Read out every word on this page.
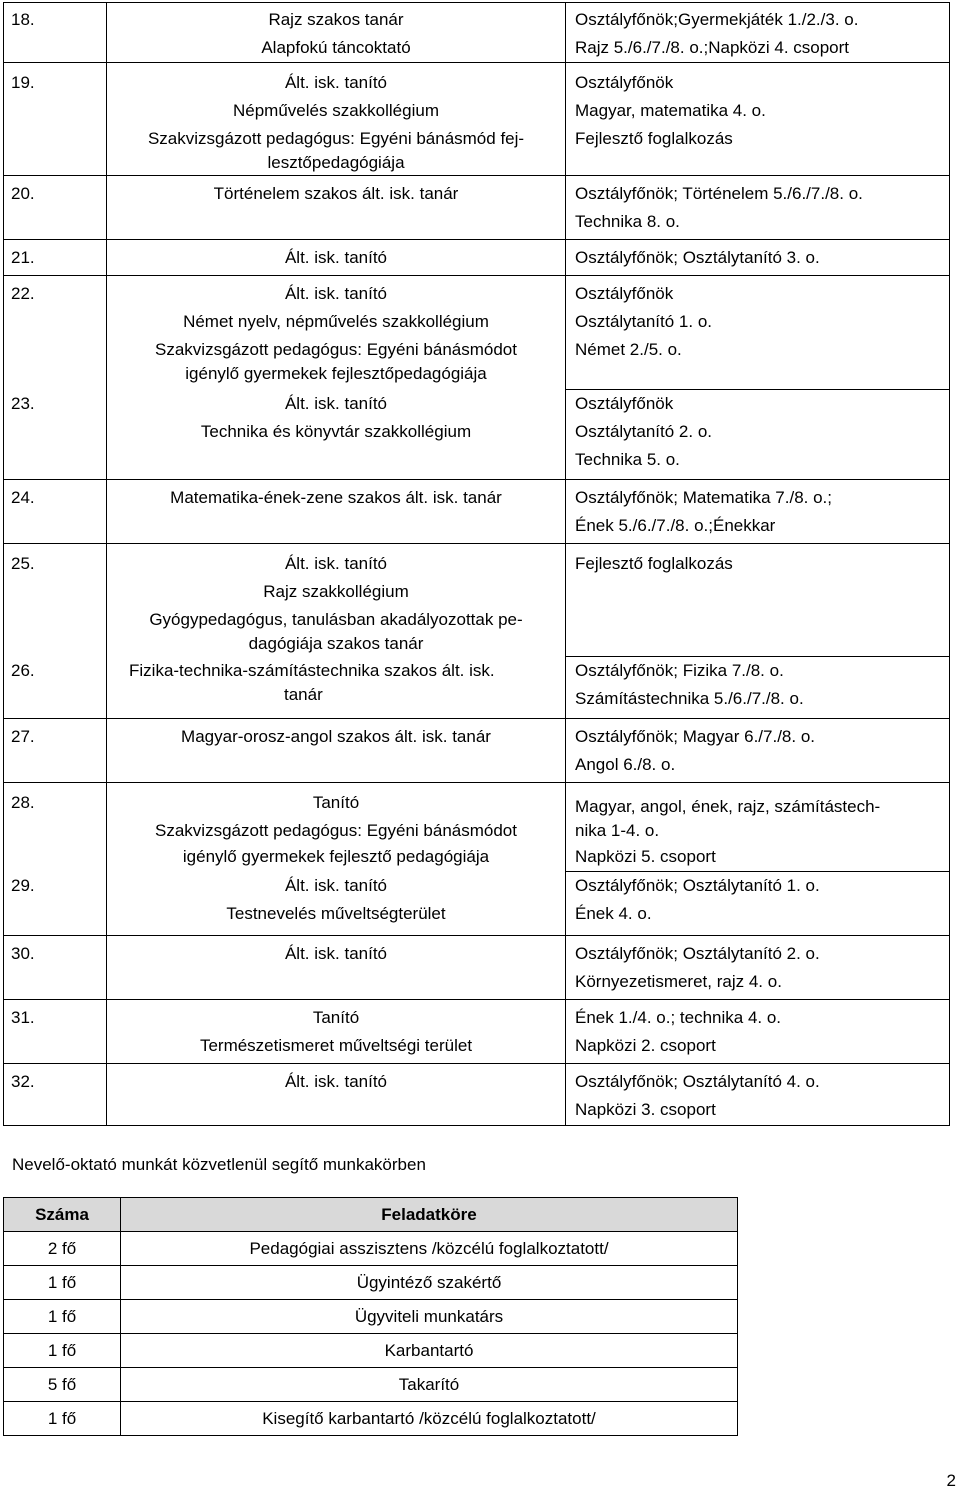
18.	Rajz szakos tanár
Alapfokú táncoktató	Osztályfőnök;Gyermekjáték 1./2./3. o.
Rajz 5./6./7./8. o.;Napközi 4. csoport

19.	Ált. isk. tanító
Népművelés szakkollégium
Szakvizsgázott pedagógus: Egyéni bánásmód fej-
lesztőpedagógiája	Osztályfőnök
Magyar, matematika 4. o.
Fejlesztő foglalkozás

20.	Történelem szakos ált. isk. tanár	Osztályfőnök; Történelem 5./6./7./8. o.
Technika 8. o.

21.	Ált. isk. tanító	Osztályfőnök; Osztálytanító 3. o.

22.	Ált. isk. tanító
Német nyelv, népművelés szakkollégium
Szakvizsgázott pedagógus: Egyéni bánásmódot
igénylő gyermekek fejlesztőpedagógiája	Osztályfőnök
Osztálytanító 1. o.
Német 2./5. o.

23.	Ált. isk. tanító
Technika és könyvtár szakkollégium	Osztályfőnök
Osztálytanító 2. o.
Technika 5. o.

24.	Matematika-ének-zene szakos ált. isk. tanár	Osztályfőnök; Matematika 7./8. o.;
Ének 5./6./7./8. o.;Énekkar

25.	Ált. isk. tanító
Rajz szakkollégium
Gyógypedagógus, tanulásban akadályozottak pe-
dagógiája szakos tanár	Fejlesztő foglalkozás

26.	Fizika-technika-számítástechnika szakos ált. isk.
tanár	Osztályfőnök; Fizika 7./8. o.
Számítástechnika 5./6./7./8. o.

27.	Magyar-orosz-angol szakos ált. isk. tanár	Osztályfőnök; Magyar 6./7./8. o.
Angol 6./8. o.

28.	Tanító
Szakvizsgázott pedagógus: Egyéni bánásmódot
igénylő gyermekek fejlesztő pedagógiája	Magyar, angol, ének, rajz, számítástech-
nika 1-4. o.
Napközi 5. csoport

29.	Ált. isk. tanító
Testnevelés műveltségterület	Osztályfőnök; Osztálytanító 1. o.
Ének 4. o.

30.	Ált. isk. tanító	Osztályfőnök; Osztálytanító 2. o.
Környezetismeret, rajz 4. o.

31.	Tanító
Természetismeret műveltségi terület	Ének 1./4. o.; technika 4. o.
Napközi 2. csoport

32.	Ált. isk. tanító	Osztályfőnök; Osztálytanító 4. o.
Napközi 3. csoport
Nevelő-oktató munkát közvetlenül segítő munkakörben
Száma	Feladatköre
2 fő	Pedagógiai asszisztens /közcélú foglalkoztatott/
1 fő	Ügyintéző szakértő
1 fő	Ügyviteli munkatárs
1 fő	Karbantartó
5 fő	Takarító
1 fő	Kisegítő karbantartó /közcélú foglalkoztatott/
2
